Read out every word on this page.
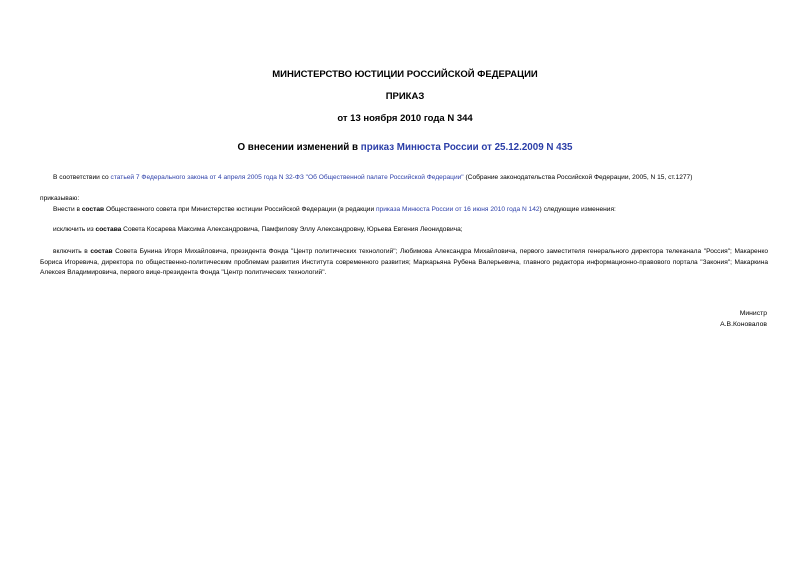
МИНИСТЕРСТВО ЮСТИЦИИ РОССИЙСКОЙ ФЕДЕРАЦИИ
ПРИКАЗ
от 13 ноября 2010 года N 344
О внесении изменений в приказ Минюста России от 25.12.2009 N 435
В соответствии со статьей 7 Федерального закона от 4 апреля 2005 года N 32-ФЗ "Об Общественной палате Российской Федерации" (Собрание законодательства Российской Федерации, 2005, N 15, ст.1277)
приказываю:
Внести в состав Общественного совета при Министерстве юстиции Российской Федерации (в редакции приказа Минюста России от 16 июня 2010 года N 142) следующие изменения:
исключить из состава Совета Косарева Максима Александровича, Памфилову Эллу Александровну, Юрьева Евгения Леонидовича;
включить в состав Совета Бунина Игоря Михайловича, президента Фонда "Центр политических технологий"; Любимова Александра Михайловича, первого заместителя генерального директора телеканала "Россия"; Макаренко Бориса Игоревича, директора по общественно-политическим проблемам развития Института современного развития; Маркарьяна Рубена Валерьевича, главного редактора информационно-правового портала "Закония"; Макаркина Алексея Владимировича, первого вице-президента Фонда "Центр политических технологий".
Министр
А.В.Коновалов
